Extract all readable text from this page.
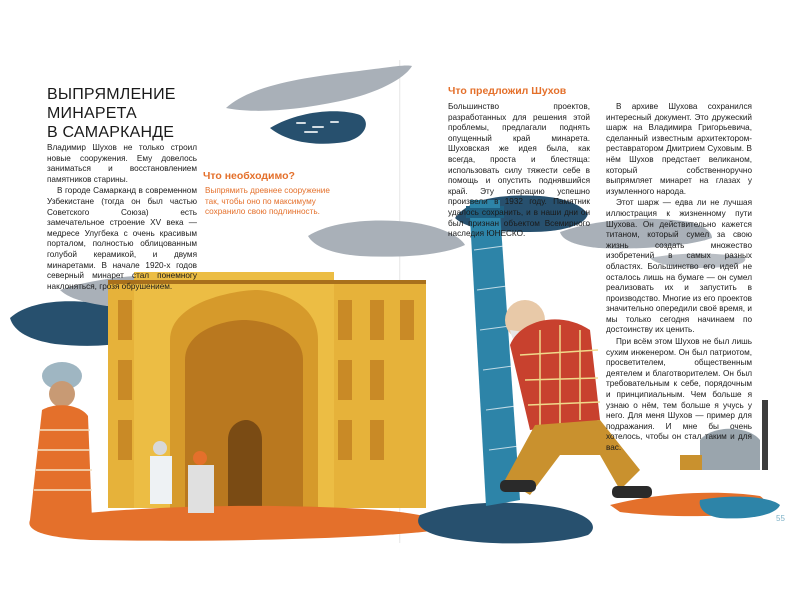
ВЫПРЯМЛЕНИЕ
МИНАРЕТА
В САМАРКАНДЕ

Владимир Шухов не только строил новые сооружения. Ему довелось заниматься и восстановлением памятников старины.

В городе Самарканд в современном Узбекистане (тогда он был частью Советского Союза) есть замечательное строение XV века — медресе Улугбека с очень красивым порталом, полностью облицованным голубой керамикой, и двумя минаретами. В начале 1920-х годов северный минарет стал понемногу наклоняться, грозя обрушением.

Что необходимо?

Выпрямить древнее сооружение так, чтобы оно по максимуму сохранило свою подлинность.

Что предложил Шухов

Большинство проектов, разработанных для решения этой проблемы, предлагали поднять опущенный край минарета. Шуховская же идея была, как всегда, проста и блестяща: использовать силу тяжести себе в помощь и опустить поднявшийся край. Эту операцию успешно произвели в 1932 году. Памятник удалось сохранить, и в наши дни он был признан объектом Всемирного наследия ЮНЕСКО.

В архиве Шухова сохранился интересный документ. Это дружеский шарж на Владимира Григорьевича, сделанный известным архитектором-реставратором Дмитрием Суховым. В нём Шухов предстает великаном, который собственноручно выпрямляет минарет на глазах у изумленного народа.

Этот шарж — едва ли не лучшая иллюстрация к жизненному пути Шухова. Он действительно кажется титаном, который сумел за свою жизнь создать множество изобретений в самых разных областях. Большинство его идей не осталось лишь на бумаге — он сумел реализовать их и запустить в производство. Многие из его проектов значительно опередили своё время, и мы только сегодня начинаем по достоинству их ценить.

При всём этом Шухов не был лишь сухим инженером. Он был патриотом, просветителем, общественным деятелем и благотворителем. Он был требовательным к себе, порядочным и принципиальным. Чем больше я узнаю о нём, тем больше я учусь у него. Для меня Шухов — пример для подражания. И мне бы очень хотелось, чтобы он стал таким и для вас.

55
